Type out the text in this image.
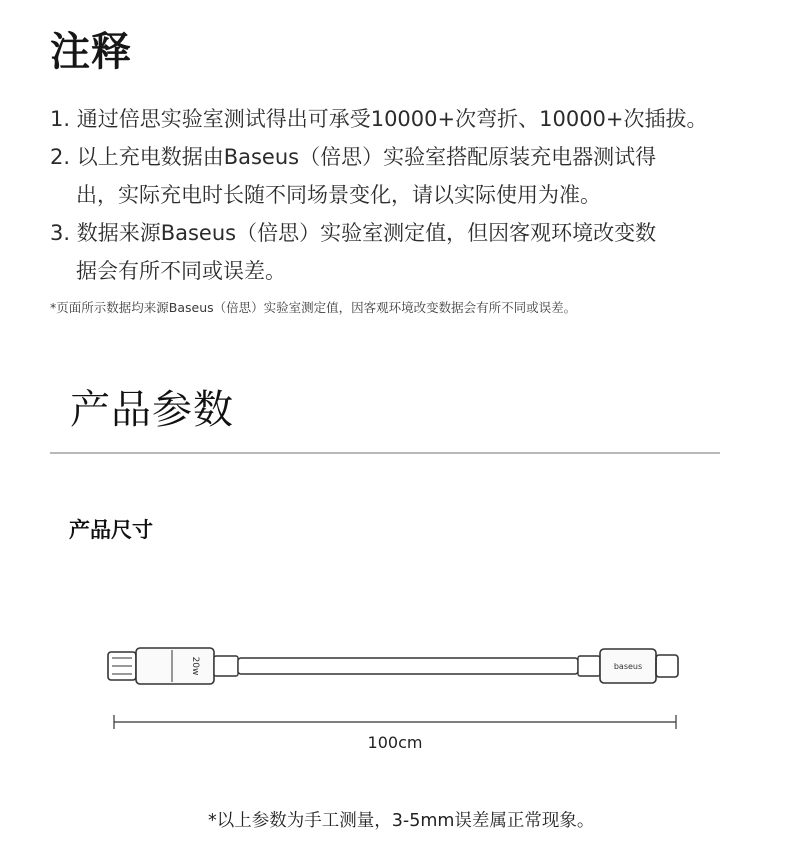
注释
1. 通过倍思实验室测试得出可承受10000+次弯折、10000+次插拔。
2. 以上充电数据由Baseus（倍思）实验室搭配原装充电器测试得
出，实际充电时长随不同场景变化，请以实际使用为准。
3. 数据来源Baseus（倍思）实验室测定值，但因客观环境改变数
据会有所不同或误差。
*页面所示数据均来源Baseus（倍思）实验室测定值，因客观环境改变数据会有所不同或误差。
产品参数
产品尺寸
20w	baseus
100cm
*以上参数为手工测量，3-5mm误差属正常现象。
